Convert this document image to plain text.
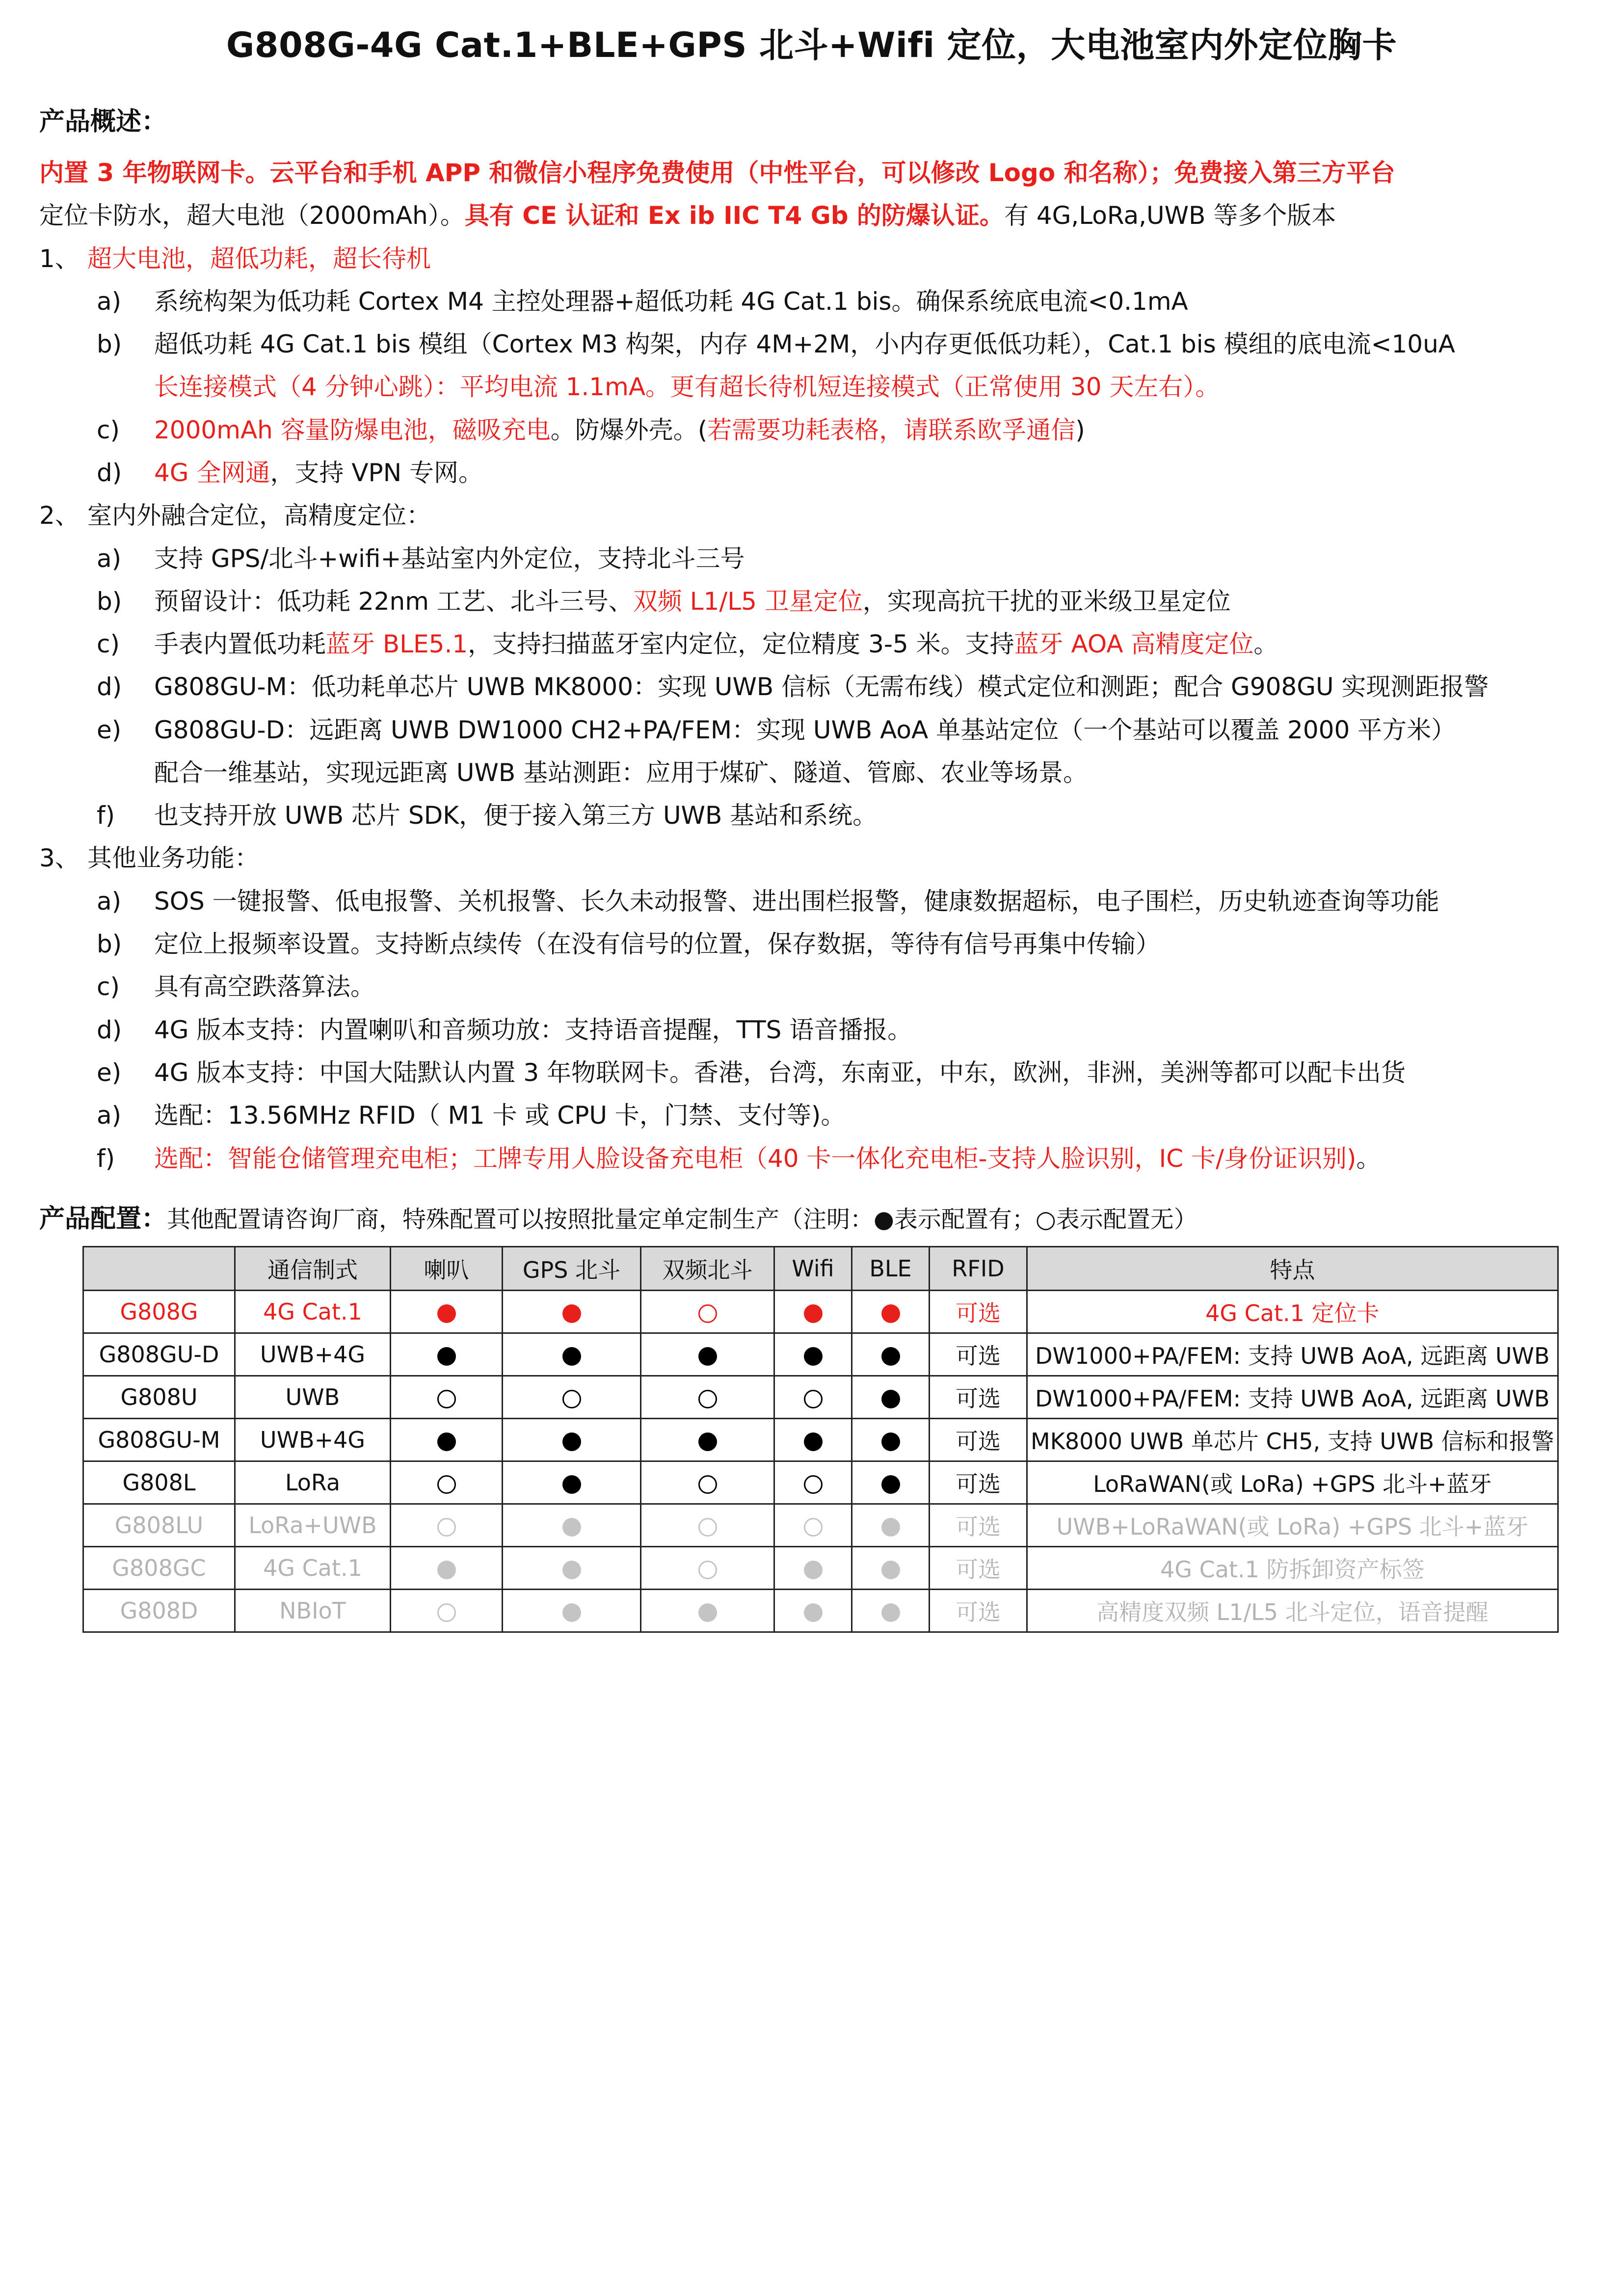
G808G-4G Cat.1+BLE+GPS 北斗+Wifi 定位，大电池室内外定位胸卡
产品概述：
内置 3 年物联网卡。云平台和手机 APP 和微信小程序免费使用（中性平台，可以修改 Logo 和名称）；免费接入第三方平台
定位卡防水，超大电池（2000mAh）。具有 CE 认证和 Ex ib IIC T4 Gb 的防爆认证。有 4G,LoRa,UWB 等多个版本
1、 超大电池，超低功耗，超长待机
a) 系统构架为低功耗 Cortex M4 主控处理器+超低功耗 4G Cat.1 bis。确保系统底电流<0.1mA
b) 超低功耗 4G Cat.1 bis 模组（Cortex M3 构架，内存 4M+2M，小内存更低低功耗），Cat.1 bis 模组的底电流<10uA
长连接模式（4 分钟心跳）：平均电流 1.1mA。更有超长待机短连接模式（正常使用 30 天左右）。
c) 2000mAh 容量防爆电池，磁吸充电。防爆外壳。(若需要功耗表格，请联系欧孚通信)
d) 4G 全网通，支持 VPN 专网。
2、 室内外融合定位，高精度定位：
a) 支持 GPS/北斗+wifi+基站室内外定位，支持北斗三号
b) 预留设计：低功耗 22nm 工艺、北斗三号、双频 L1/L5 卫星定位，实现高抗干扰的亚米级卫星定位
c) 手表内置低功耗蓝牙 BLE5.1，支持扫描蓝牙室内定位，定位精度 3-5 米。支持蓝牙 AOA 高精度定位。
d) G808GU-M：低功耗单芯片 UWB MK8000：实现 UWB 信标（无需布线）模式定位和测距；配合 G908GU 实现测距报警
e) G808GU-D：远距离 UWB DW1000 CH2+PA/FEM：实现 UWB AoA 单基站定位（一个基站可以覆盖 2000 平方米）
配合一维基站，实现远距离 UWB 基站测距：应用于煤矿、隧道、管廊、农业等场景。
f) 也支持开放 UWB 芯片 SDK，便于接入第三方 UWB 基站和系统。
3、 其他业务功能：
a) SOS 一键报警、低电报警、关机报警、长久未动报警、进出围栏报警，健康数据超标，电子围栏，历史轨迹查询等功能
b) 定位上报频率设置。支持断点续传（在没有信号的位置，保存数据，等待有信号再集中传输）
c) 具有高空跌落算法。
d) 4G 版本支持：内置喇叭和音频功放：支持语音提醒，TTS 语音播报。
e) 4G 版本支持：中国大陆默认内置 3 年物联网卡。香港，台湾，东南亚，中东，欧洲，非洲，美洲等都可以配卡出货
a) 选配：13.56MHz RFID（ M1 卡 或 CPU 卡，门禁、支付等)。
f) 选配：智能仓储管理充电柜；工牌专用人脸设备充电柜（40 卡一体化充电柜-支持人脸识别，IC 卡/身份证识别)。
产品配置：其他配置请咨询厂商，特殊配置可以按照批量定单定制生产（注明：●表示配置有；○表示配置无）
	通信制式	喇叭	GPS 北斗	双频北斗	Wifi	BLE	RFID	特点
G808G	4G Cat.1						可选	4G Cat.1 定位卡
G808GU-D	UWB+4G						可选	DW1000+PA/FEM: 支持 UWB AoA, 远距离 UWB
G808U	UWB						可选	DW1000+PA/FEM: 支持 UWB AoA, 远距离 UWB
G808GU-M	UWB+4G						可选	MK8000 UWB 单芯片 CH5, 支持 UWB 信标和报警
G808L	LoRa						可选	LoRaWAN(或 LoRa) +GPS 北斗+蓝牙
G808LU	LoRa+UWB						可选	UWB+LoRaWAN(或 LoRa) +GPS 北斗+蓝牙
G808GC	4G Cat.1						可选	4G Cat.1 防拆卸资产标签
G808D	NBIoT						可选	高精度双频 L1/L5 北斗定位，语音提醒
